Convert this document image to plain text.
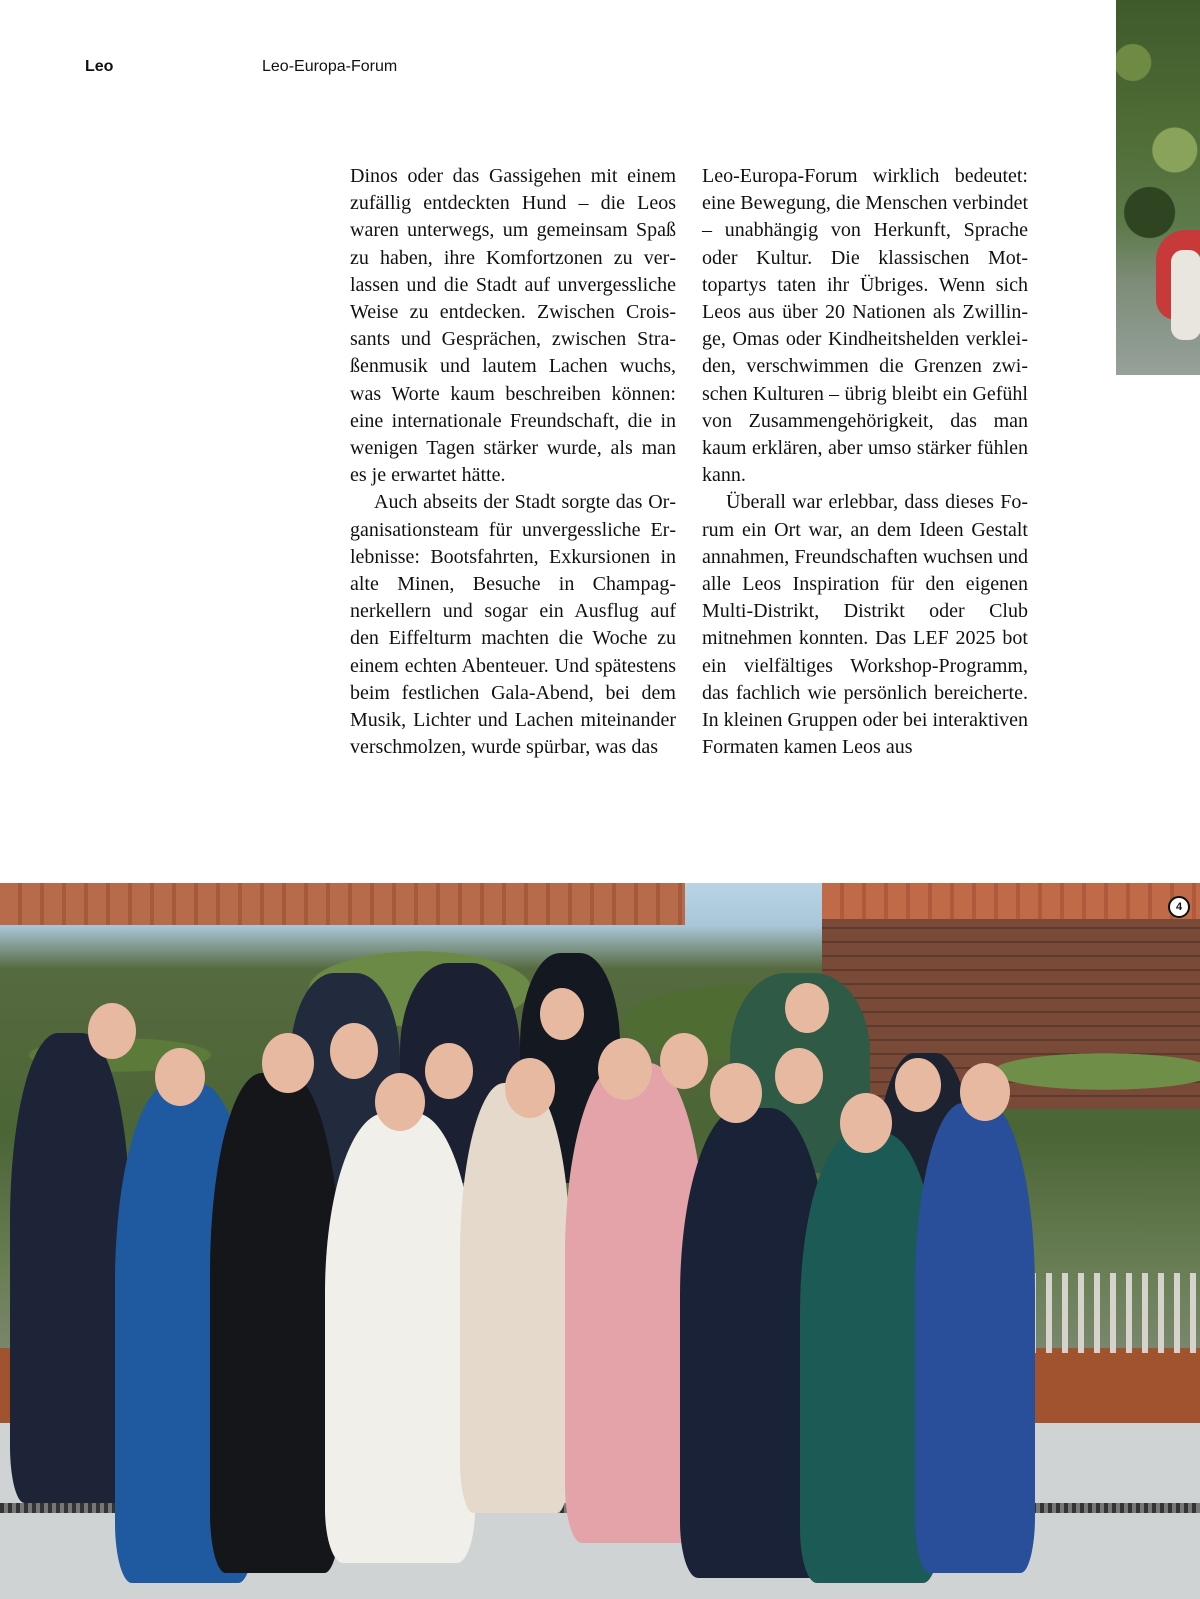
Leo	Leo-Europa-Forum

Dinos oder das Gassigehen mit einem zufällig entdeckten Hund – die Leos waren unterwegs, um gemeinsam Spaß zu haben, ihre Komfortzonen zu verlassen und die Stadt auf unvergessliche Weise zu entdecken. Zwischen Croissants und Gesprächen, zwischen Straßenmusik und lautem Lachen wuchs, was Worte kaum beschreiben können: eine internationale Freundschaft, die in wenigen Tagen stärker wurde, als man es je erwartet hätte.

Auch abseits der Stadt sorgte das Organisationsteam für unvergessliche Erlebnisse: Bootsfahrten, Exkursionen in alte Minen, Besuche in Champagnerkellern und sogar ein Ausflug auf den Eiffelturm machten die Woche zu einem echten Abenteuer. Und spätestens beim festlichen Gala-Abend, bei dem Musik, Lichter und Lachen miteinander verschmolzen, wurde spürbar, was das

Leo-Europa-Forum wirklich bedeutet: eine Bewegung, die Menschen verbindet – unabhängig von Herkunft, Sprache oder Kultur. Die klassischen Mottopartys taten ihr Übriges. Wenn sich Leos aus über 20 Nationen als Zwillinge, Omas oder Kindheitshelden verkleiden, verschwimmen die Grenzen zwischen Kulturen – übrig bleibt ein Gefühl von Zusammengehörigkeit, das man kaum erklären, aber umso stärker fühlen kann.

Überall war erlebbar, dass dieses Forum ein Ort war, an dem Ideen Gestalt annahmen, Freundschaften wuchsen und alle Leos Inspiration für den eigenen Multi-Distrikt, Distrikt oder Club mitnehmen konnten. Das LEF 2025 bot ein vielfältiges Workshop-Programm, das fachlich wie persönlich bereicherte. In kleinen Gruppen oder bei interaktiven Formaten kamen Leos aus

4
